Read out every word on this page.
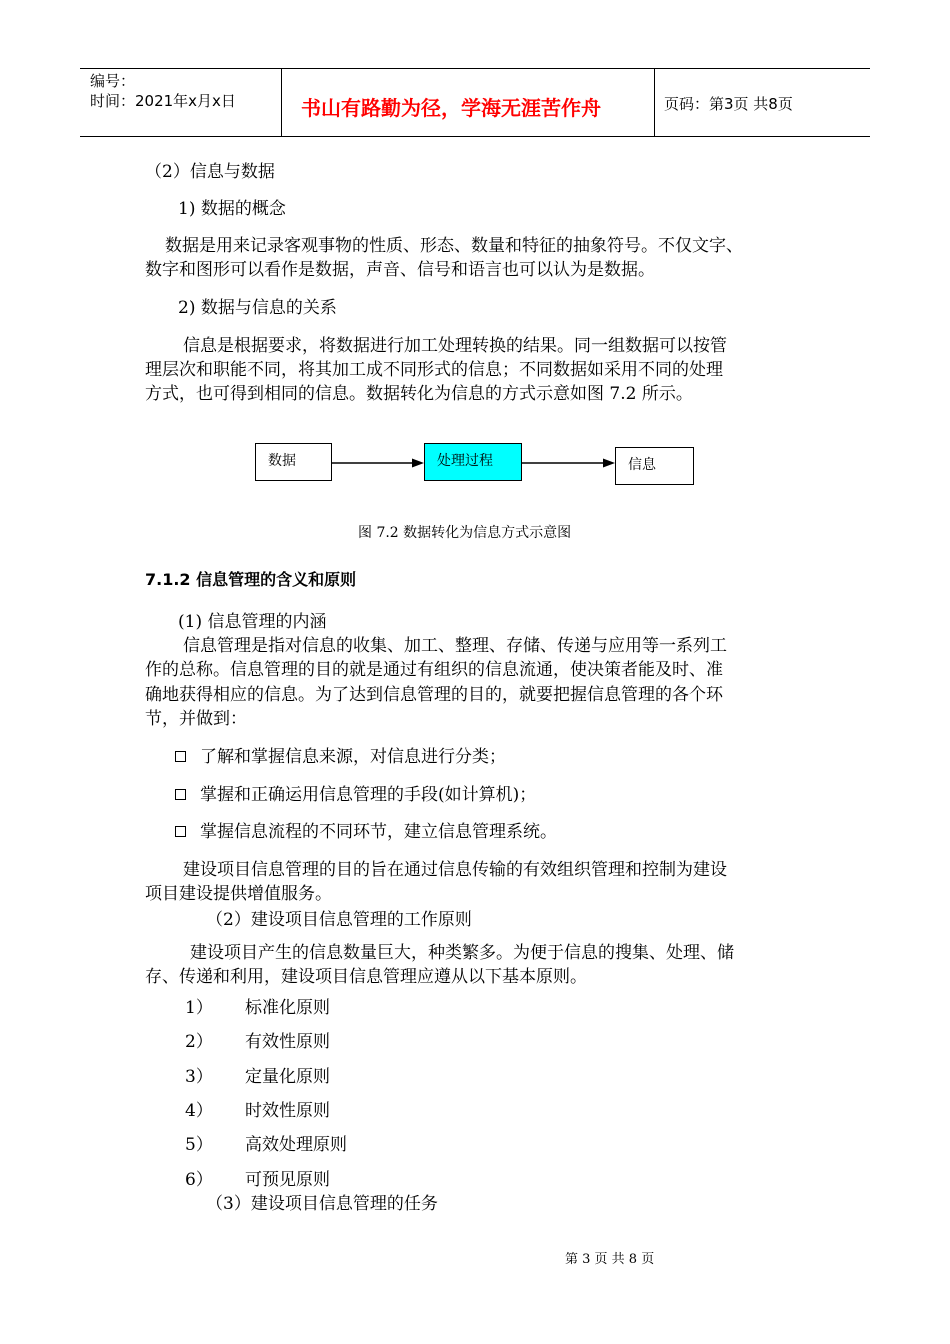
编号：
时间：2021年x月x日	书山有路勤为径，学海无涯苦作舟	页码：第3页 共8页
（2）信息与数据
1) 数据的概念
数据是用来记录客观事物的性质、形态、数量和特征的抽象符号。不仅文字、
数字和图形可以看作是数据，声音、信号和语言也可以认为是数据。
2) 数据与信息的关系
信息是根据要求，将数据进行加工处理转换的结果。同一组数据可以按管
理层次和职能不同，将其加工成不同形式的信息；不同数据如采用不同的处理
方式，也可得到相同的信息。数据转化为信息的方式示意如图 7.2 所示。
数据	处理过程	信息
图 7.2 数据转化为信息方式示意图
7.1.2 信息管理的含义和原则
(1) 信息管理的内涵
信息管理是指对信息的收集、加工、整理、存储、传递与应用等一系列工
作的总称。信息管理的目的就是通过有组织的信息流通，使决策者能及时、准
确地获得相应的信息。为了达到信息管理的目的，就要把握信息管理的各个环
节，并做到：
了解和掌握信息来源，对信息进行分类；
掌握和正确运用信息管理的手段(如计算机)；
掌握信息流程的不同环节，建立信息管理系统。
建设项目信息管理的目的旨在通过信息传输的有效组织管理和控制为建设
项目建设提供增值服务。
（2）建设项目信息管理的工作原则
建设项目产生的信息数量巨大，种类繁多。为便于信息的搜集、处理、储
存、传递和利用，建设项目信息管理应遵从以下基本原则。
1） 标准化原则
2） 有效性原则
3） 定量化原则
4） 时效性原则
5） 高效处理原则
6） 可预见原则
（3）建设项目信息管理的任务
第 3 页 共 8 页
